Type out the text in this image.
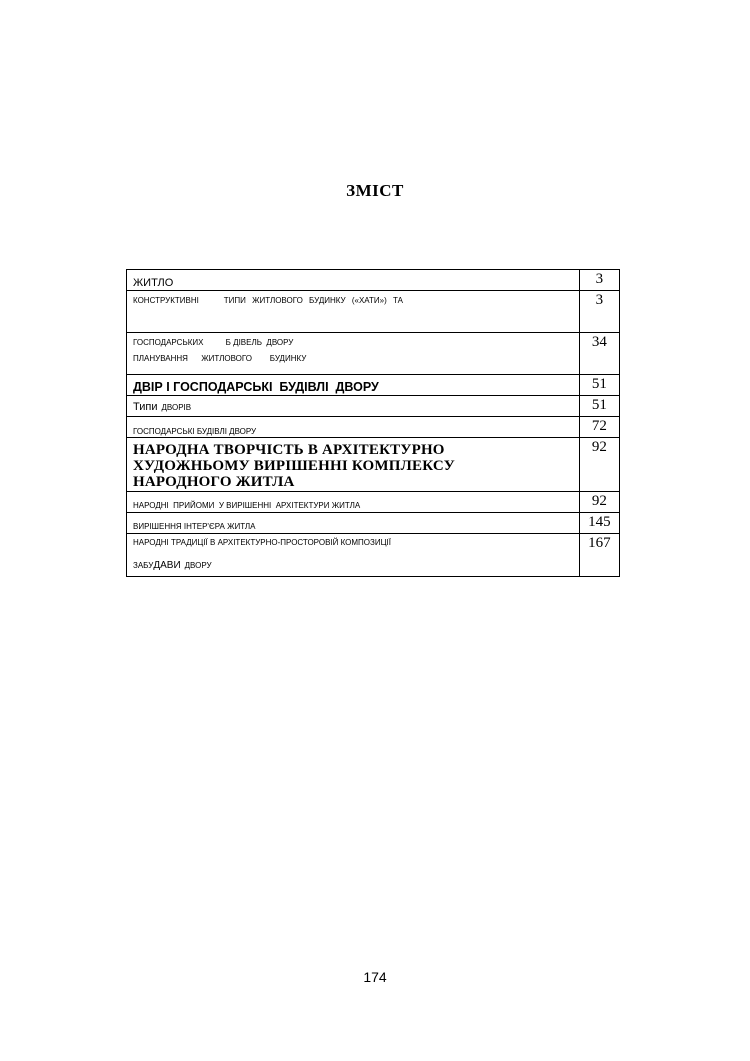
ЗМІСТ
ЖИТЛО	3

КОНСТРУКТИВНІ    ТИПИ ЖИТЛОВОГО БУДИНКУ («ХАТИ») ТА	3

ГОСПОДАРСЬКИХ          Б ДІВЕЛЬ  ДВОРУ
ПЛАНУВАННЯ      ЖИТЛОВОГО        БУДИНКУ	34
ДВІР І ГОСПОДАРСЬКІ  БУДІВЛІ  ДВОРУ	51
Типи ДВОРІВ	51
ГОСПОДАРСЬКІ БУДІВЛІ ДВОРУ	72

НАРОДНА ТВОРЧІСТЬ В АРХІТЕКТУРНО
ХУДОЖНЬОМУ ВИРІШЕННІ КОМПЛЕКСУ
НАРОДНОГО ЖИТЛА	92
НАРОДНІ  ПРИЙОМИ  У ВИРІШЕННІ  АРХІТЕКТУРИ ЖИТЛА	92
ВИРІШЕННЯ ІНТЕР'ЄРА ЖИТЛА	145

НАРОДНІ ТРАДИЦІЇ В АРХІТЕКТУРНО-ПРОСТОРОВІЙ КОМПОЗИЦІЇ
ЗАБУДАВИ ДВОРУ	167
174
